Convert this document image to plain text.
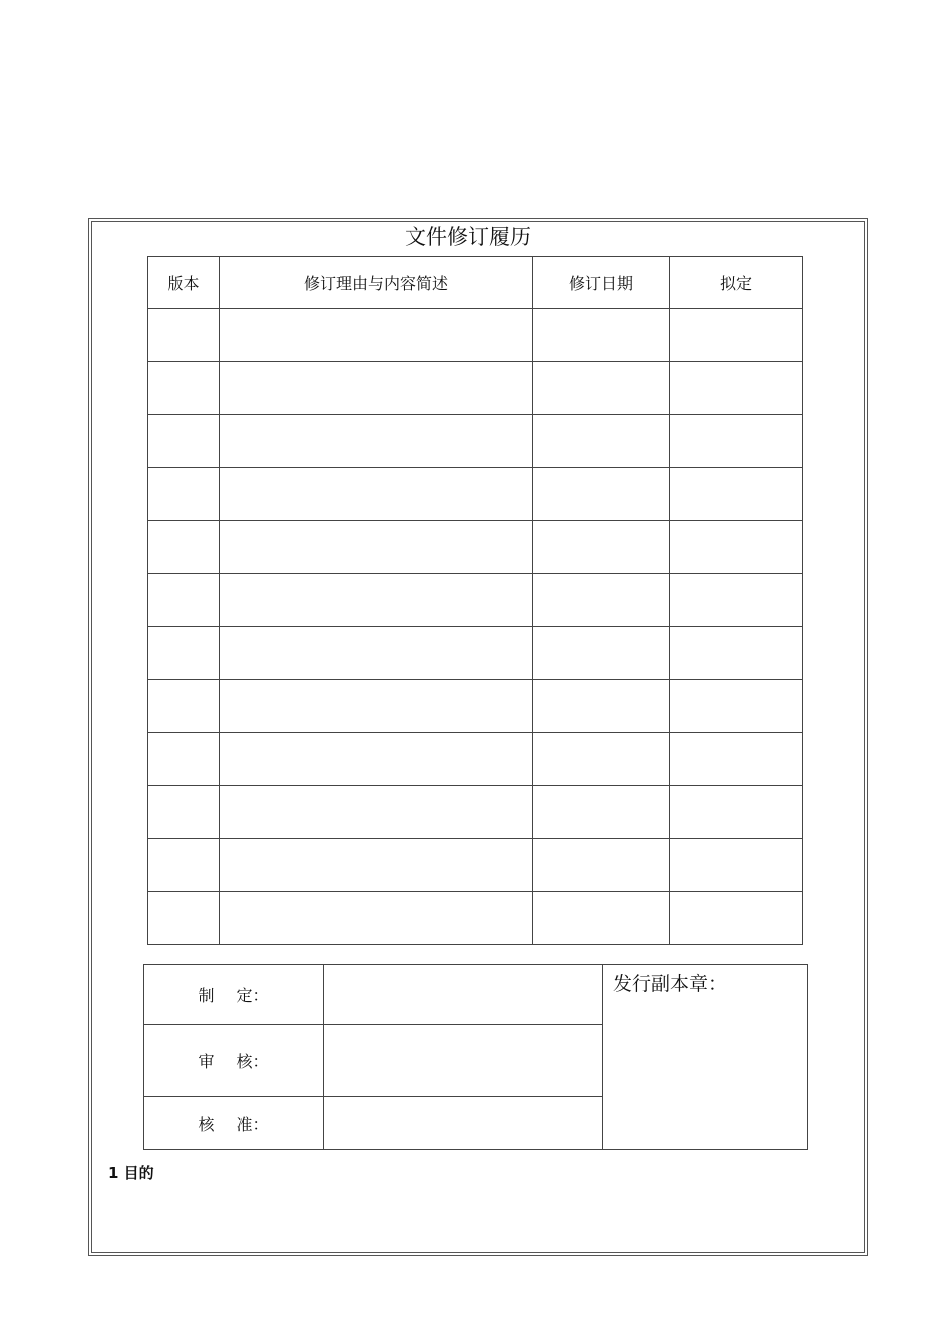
文件修订履历
版本	修订理由与内容简述	修订日期	拟定

制 定：		发行副本章：
审 核：		
核 准：		
1 目的
